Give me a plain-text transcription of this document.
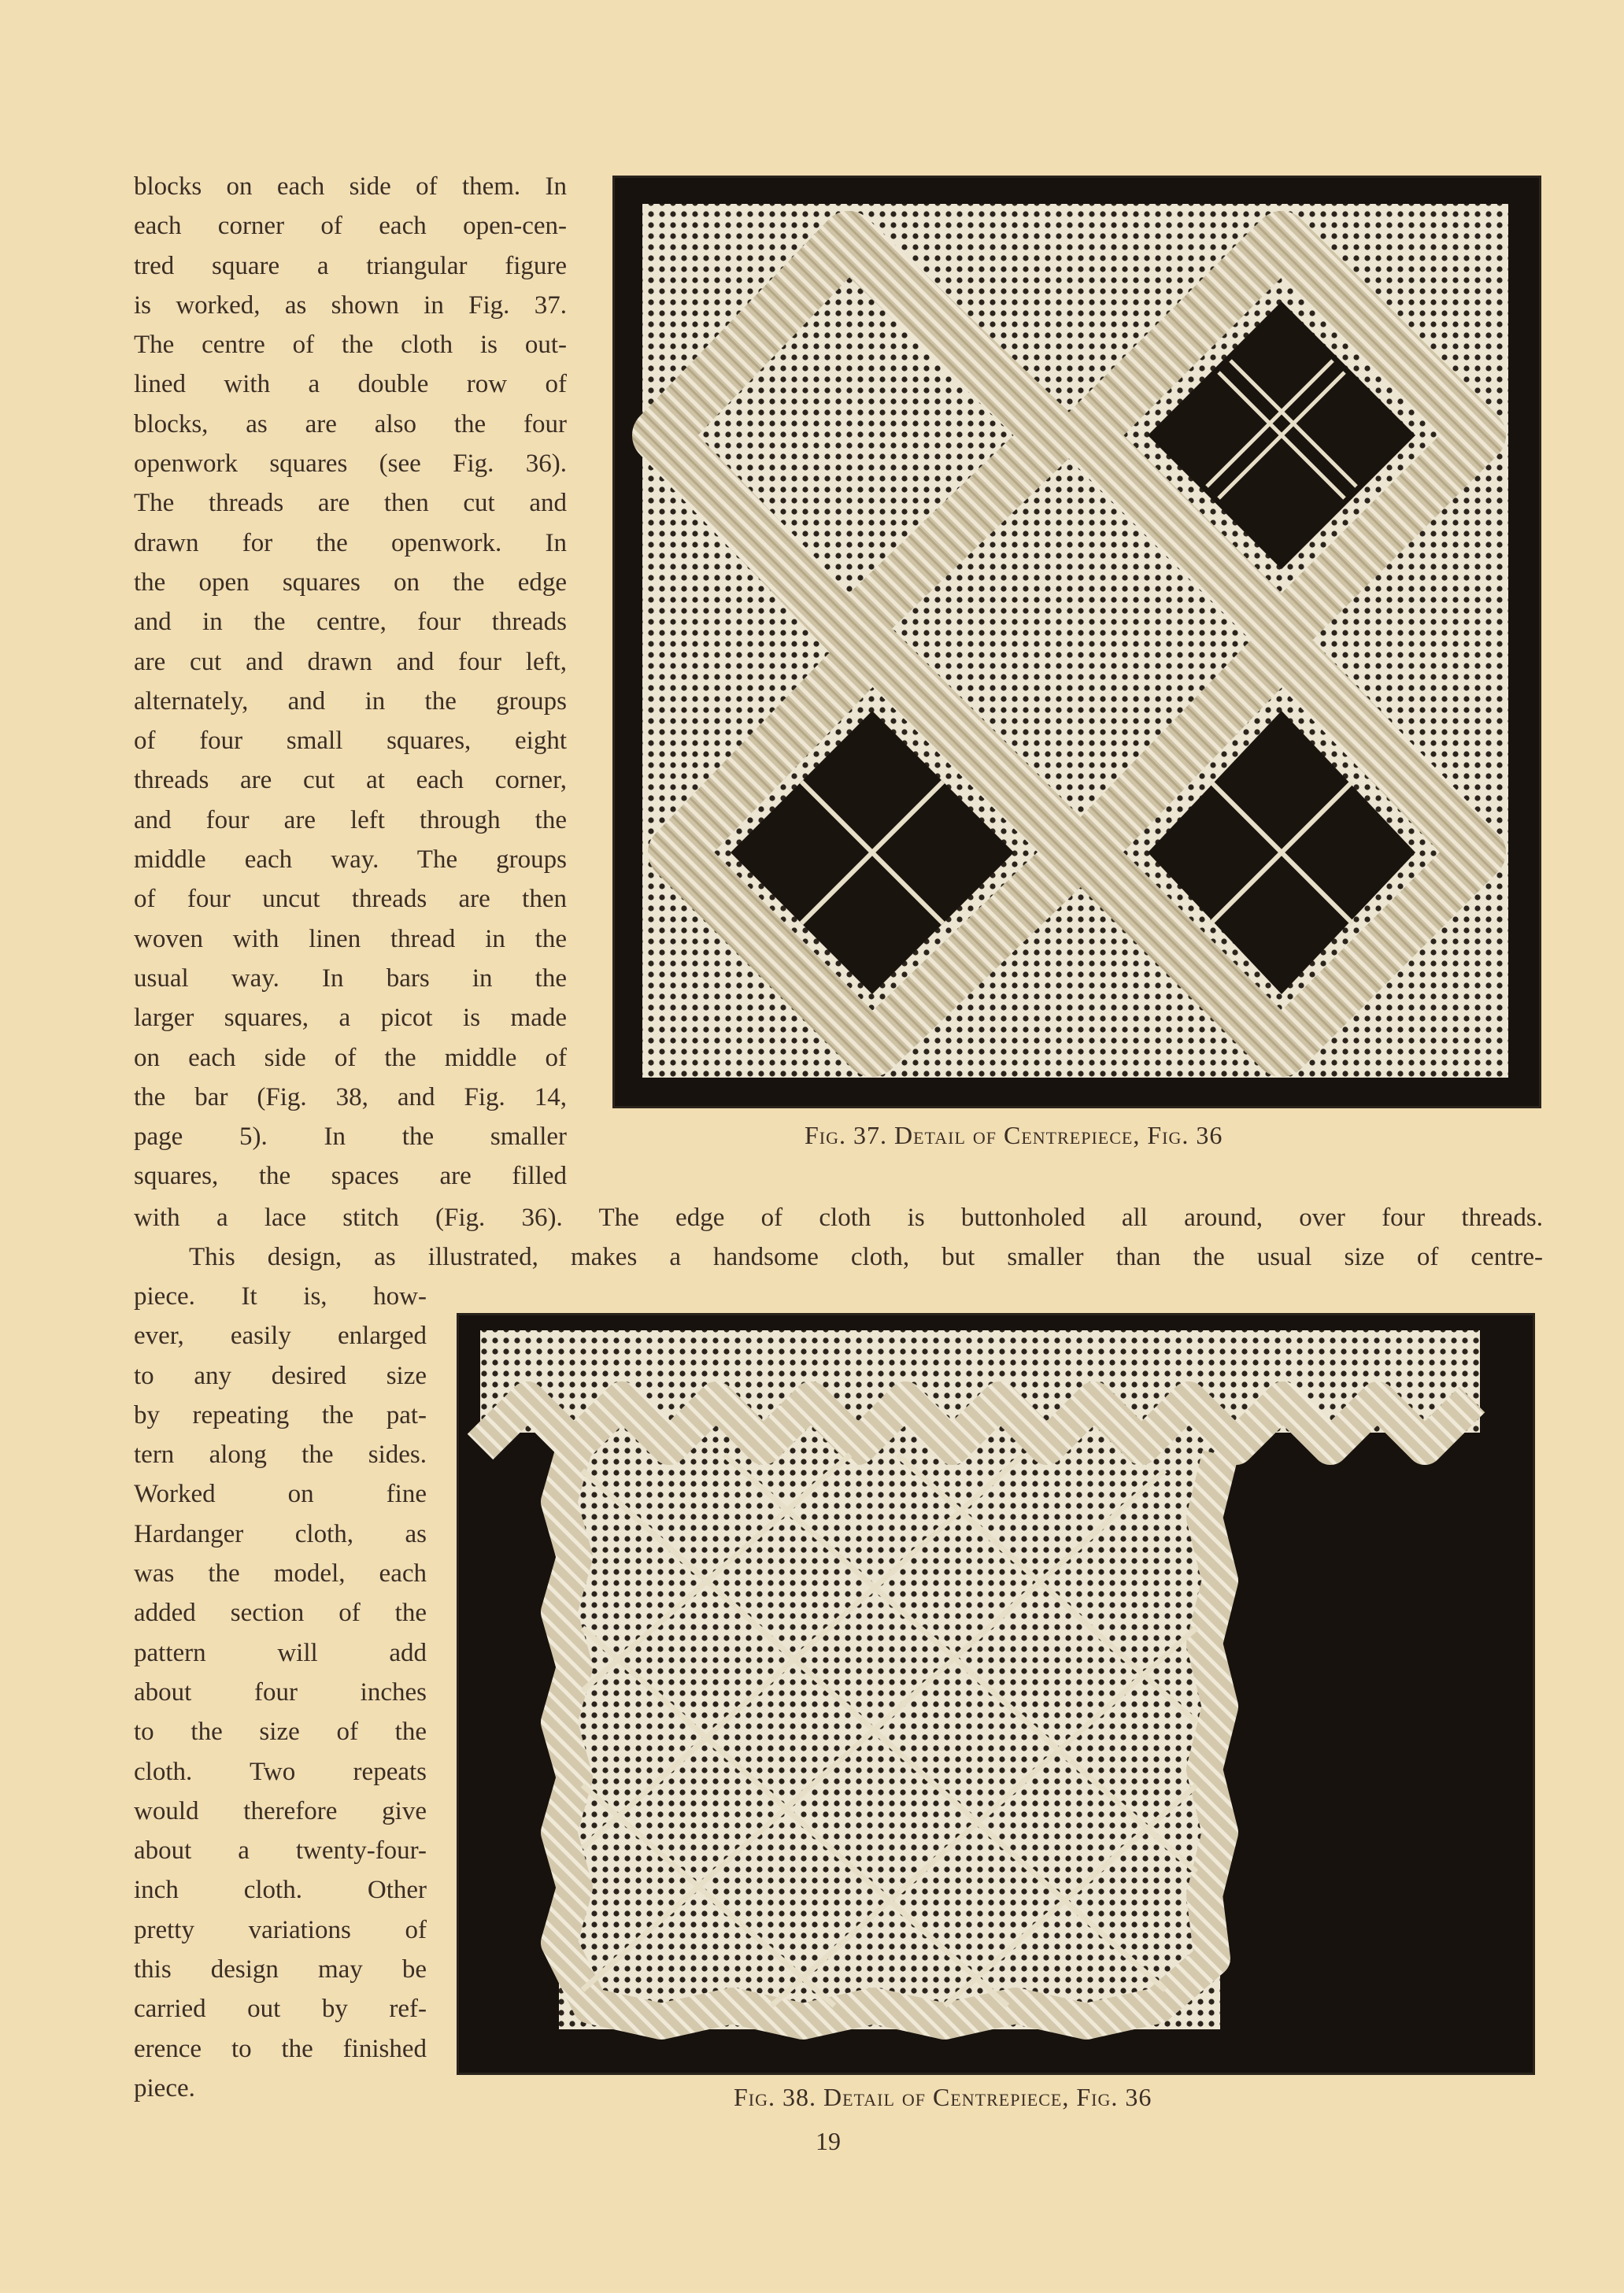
blocks on each side of them. In

each corner of each open-cen-

tred square a triangular figure

is worked, as shown in Fig. 37.

The centre of the cloth is out-

lined with a double row of

blocks, as are also the four

openwork squares (see Fig. 36).

The threads are then cut and

drawn for the openwork. In

the open squares on the edge

and in the centre, four threads

are cut and drawn and four left,

alternately, and in the groups

of four small squares, eight

threads are cut at each corner,

and four are left through the

middle each way. The groups

of four uncut threads are then

woven with linen thread in the

usual way. In bars in the

larger squares, a picot is made

on each side of the middle of

the bar (Fig. 38, and Fig. 14,

page 5). In the smaller

squares, the spaces are filled

Fig. 37. Detail of Centrepiece, Fig. 36
with a lace stitch (Fig. 36). The edge of cloth is buttonholed all around, over four threads.
This design, as illustrated, makes a handsome cloth, but smaller than the usual size of centre-

piece. It is, how-

ever, easily enlarged

to any desired size

by repeating the pat-

tern along the sides.

Worked on fine

Hardanger cloth, as

was the model, each

added section of the

pattern will add

about four inches

to the size of the

cloth. Two repeats

would therefore give

about a twenty-four-

inch cloth. Other

pretty variations of

this design may be

carried out by ref-

erence to the finished

piece.	Fig. 38. Detail of Centrepiece, Fig. 36
19
